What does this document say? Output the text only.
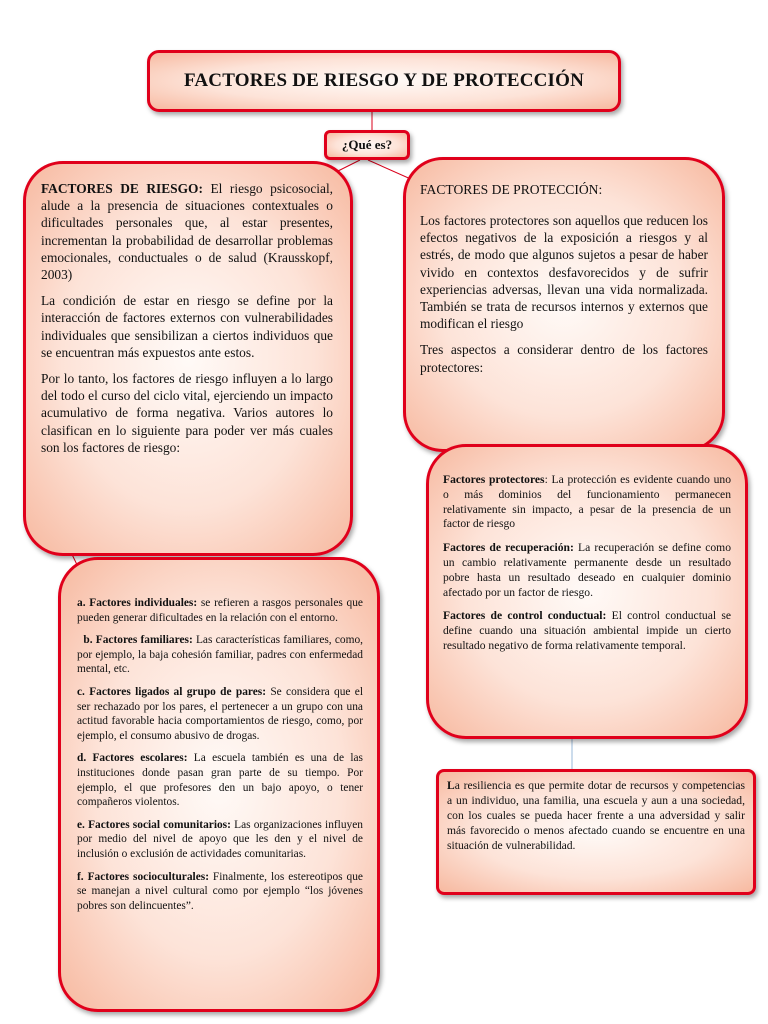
FACTORES DE RIESGO Y DE PROTECCIÓN
¿Qué es?

FACTORES DE RIESGO: El riesgo psicosocial, alude a la presencia de situaciones contextuales o dificultades personales que, al estar presentes, incrementan la probabilidad de desarrollar problemas emocionales, conductuales o de salud (Kraussk​opf, 2003)

La condición de estar en riesgo se define por la interacción de factores externos con vulnerabilidades individuales que sensibilizan a ciertos individuos que se encuentran más expuestos ante estos.

Por lo tanto, los factores de riesgo influyen a lo largo del todo el curso del ciclo vital, ejerciendo un impacto acumulativo de forma negativa. Varios autores lo clasifican en lo siguiente para poder ver más cuales son los factores de riesgo:

FACTORES DE PROTECCIÓN:

Los factores protectores son aquellos que reducen los efectos negativos de la exposición a riesgos y al estrés, de modo que algunos sujetos a pesar de haber vivido en contextos desfavorecidos y de sufrir experiencias adversas, llevan una vida normalizada. También se trata de recursos internos y externos que modifican el riesgo

Tres aspectos a considerar dentro de los factores protectores:

a. Factores individuales: se refieren a rasgos personales que pueden generar dificultades en la relación con el entorno.

b. Factores familiares: Las características familiares, como, por ejemplo, la baja cohesión familiar, padres con enfermedad mental, etc.

c. Factores ligados al grupo de pares: Se considera que el ser rechazado por los pares, el pertenecer a un grupo con una actitud favorable hacia comportamientos de riesgo, como, por ejemplo, el consumo abusivo de drogas.

d. Factores escolares: La escuela también es una de las instituciones donde pasan gran parte de su tiempo. Por ejemplo, el que profesores den un bajo apoyo, o tener compañeros violentos.

e. Factores social comunitarios: Las organizaciones influyen por medio del nivel de apoyo que les den y el nivel de inclusión o exclusión de actividades comunitarias.

f. Factores socioculturales: Finalmente, los estereotipos que se manejan a nivel cultural como por ejemplo “los jóvenes pobres son delincuentes”.

Factores protectores: La protección es evidente cuando uno o más dominios del funcionamiento permanecen relativamente sin impacto, a pesar de la presencia de un factor de riesgo

Factores de recuperación: La recuperación se define como un cambio relativamente permanente desde un resultado pobre hasta un resultado deseado en cualquier dominio afectado por un factor de riesgo.

Factores de control conductual: El control conductual se define cuando una situación ambiental impide un cierto resultado negativo de forma relativamente temporal.

La resiliencia es que permite dotar de recursos y competencias a un individuo, una familia, una escuela y aun a una sociedad, con los cuales se pueda hacer frente a una adversidad y salir más favorecido o menos afectado cuando se encuentre en una situación de vulnerabilidad.
